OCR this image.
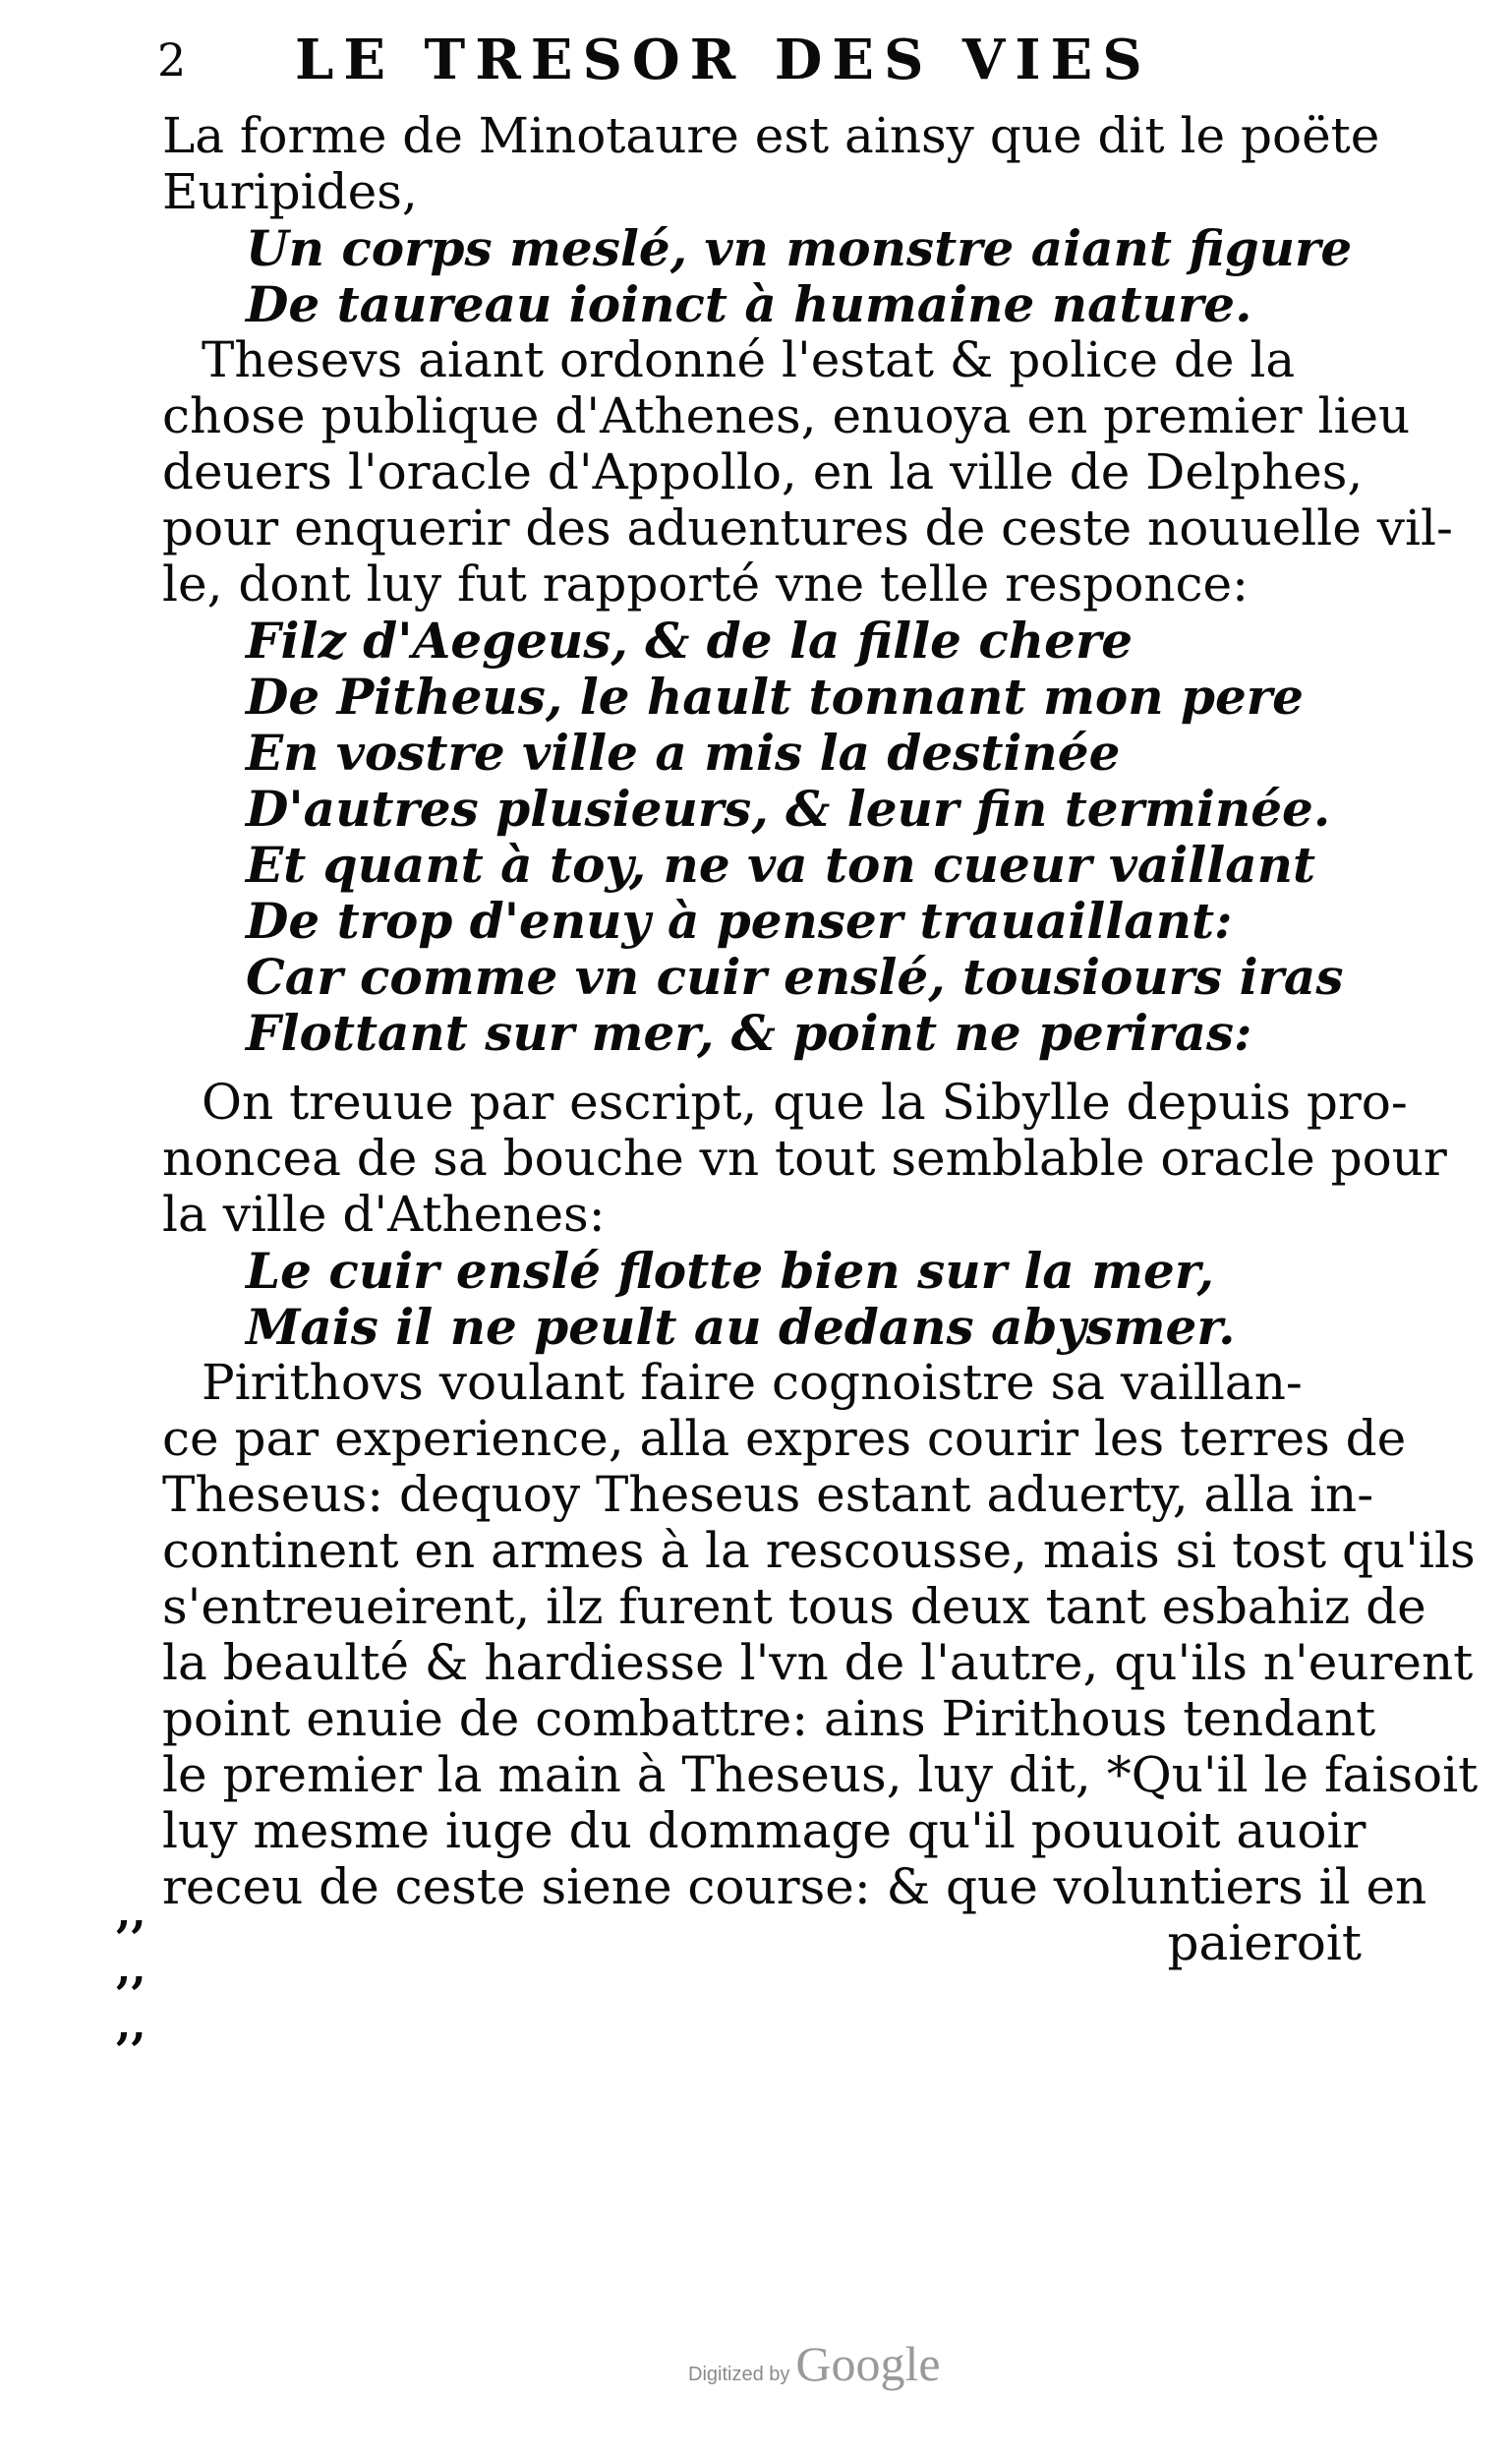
2 LE TRESOR DES VIES
La forme de Minotaure est ainsy que dit le poëte
Euripides,
Un corps meslé, vn monstre aiant figure
De taureau ioinct à humaine nature.
Thesevs aiant ordonné l'estat & police de la
chose publique d'Athenes, enuoya en premier lieu
deuers l'oracle d'Appollo, en la ville de Delphes,
pour enquerir des aduentures de ceste nouuelle vil-
le, dont luy fut rapporté vne telle responce:
Filz d'Aegeus, & de la fille chere
De Pitheus, le hault tonnant mon pere
En vostre ville a mis la destinée
D'autres plusieurs, & leur fin terminée.
Et quant à toy, ne va ton cueur vaillant
De trop d'enuy à penser trauaillant:
Car comme vn cuir enslé, tousiours iras
Flottant sur mer, & point ne periras:
On treuue par escript, que la Sibylle depuis pro-
noncea de sa bouche vn tout semblable oracle pour
la ville d'Athenes:
Le cuir enslé flotte bien sur la mer,
Mais il ne peult au dedans abysmer.
Pirithovs voulant faire cognoistre sa vaillan-
ce par experience, alla expres courir les terres de
Theseus: dequoy Theseus estant aduerty, alla in-
continent en armes à la rescousse, mais si tost qu'ils
s'entreueirent, ilz furent tous deux tant esbahiz de
la beaulté & hardiesse l'vn de l'autre, qu'ils n'eurent
point enuie de combattre: ains Pirithous tendant
le premier la main à Theseus, luy dit, *Qu'il le faisoit
luy mesme iuge du dommage qu'il pouuoit auoir
receu de ceste siene course: & que voluntiers il en
paieroit
,,
,,
,,
Digitized by Google
